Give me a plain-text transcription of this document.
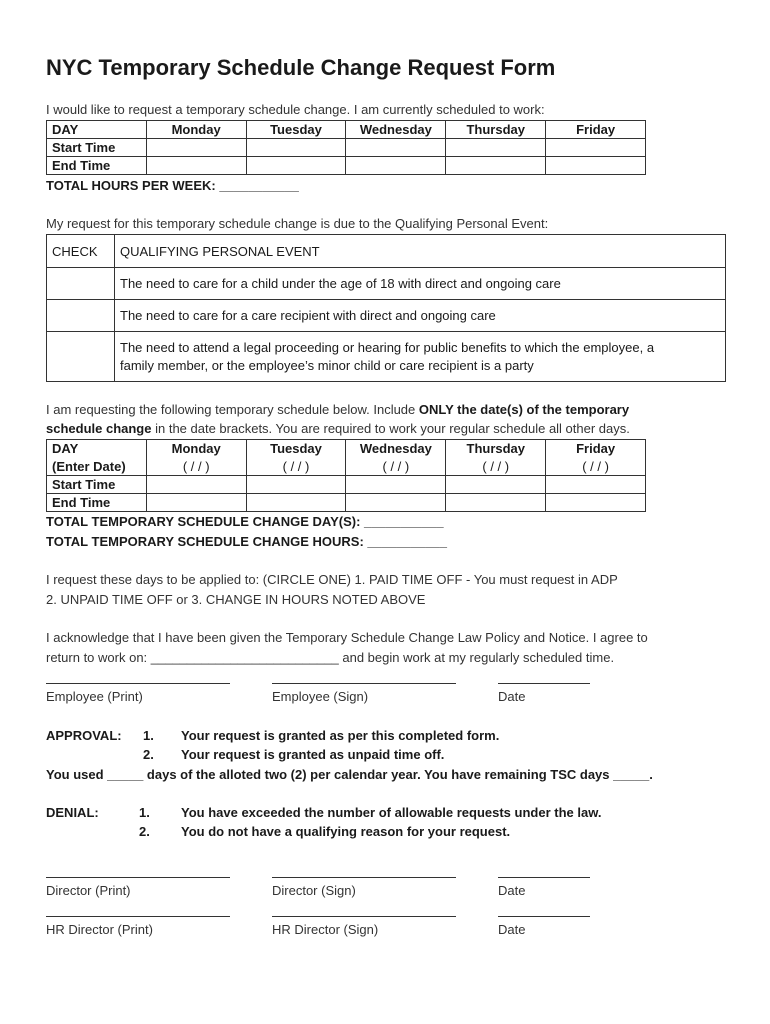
NYC Temporary Schedule Change Request Form
I would like to request a temporary schedule change. I am currently scheduled to work:
DAY	Monday	Tuesday	Wednesday	Thursday	Friday
Start Time					
End Time					
TOTAL HOURS PER WEEK: ___________
My request for this temporary schedule change is due to the Qualifying Personal Event:
CHECK	QUALIFYING PERSONAL EVENT
	The need to care for a child under the age of 18 with direct and ongoing care
	The need to care for a care recipient with direct and ongoing care

	The need to attend a legal proceeding or hearing for public benefits to which the employee, a
family member, or the employee’s minor child or care recipient is a party
I am requesting the following temporary schedule below. Include ONLY the date(s) of the temporary
schedule change in the date brackets. You are required to work your regular schedule all other days.
DAY	Monday	Tuesday	Wednesday	Thursday	Friday
(Enter Date)	( / / )	( / / )	( / / )	( / / )	( / / )
Start Time					
End Time					
TOTAL TEMPORARY SCHEDULE CHANGE DAY(S): ___________
TOTAL TEMPORARY SCHEDULE CHANGE HOURS: ___________
I request these days to be applied to: (CIRCLE ONE) 1. PAID TIME OFF - You must request in ADP
2. UNPAID TIME OFF or 3. CHANGE IN HOURS NOTED ABOVE
I acknowledge that I have been given the Temporary Schedule Change Law Policy and Notice. I agree to
return to work on: __________________________ and begin work at my regularly scheduled time.
Employee (Print)	Employee (Sign)	Date
APPROVAL: 1. Your request is granted as per this completed form.
2. Your request is granted as unpaid time off.
You used _____ days of the alloted two (2) per calendar year. You have remaining TSC days _____.
DENIAL:	1. You have exceeded the number of allowable requests under the law.
2. You do not have a qualifying reason for your request.
Director (Print)	Director (Sign)	Date
HR Director (Print)	HR Director (Sign)	Date
